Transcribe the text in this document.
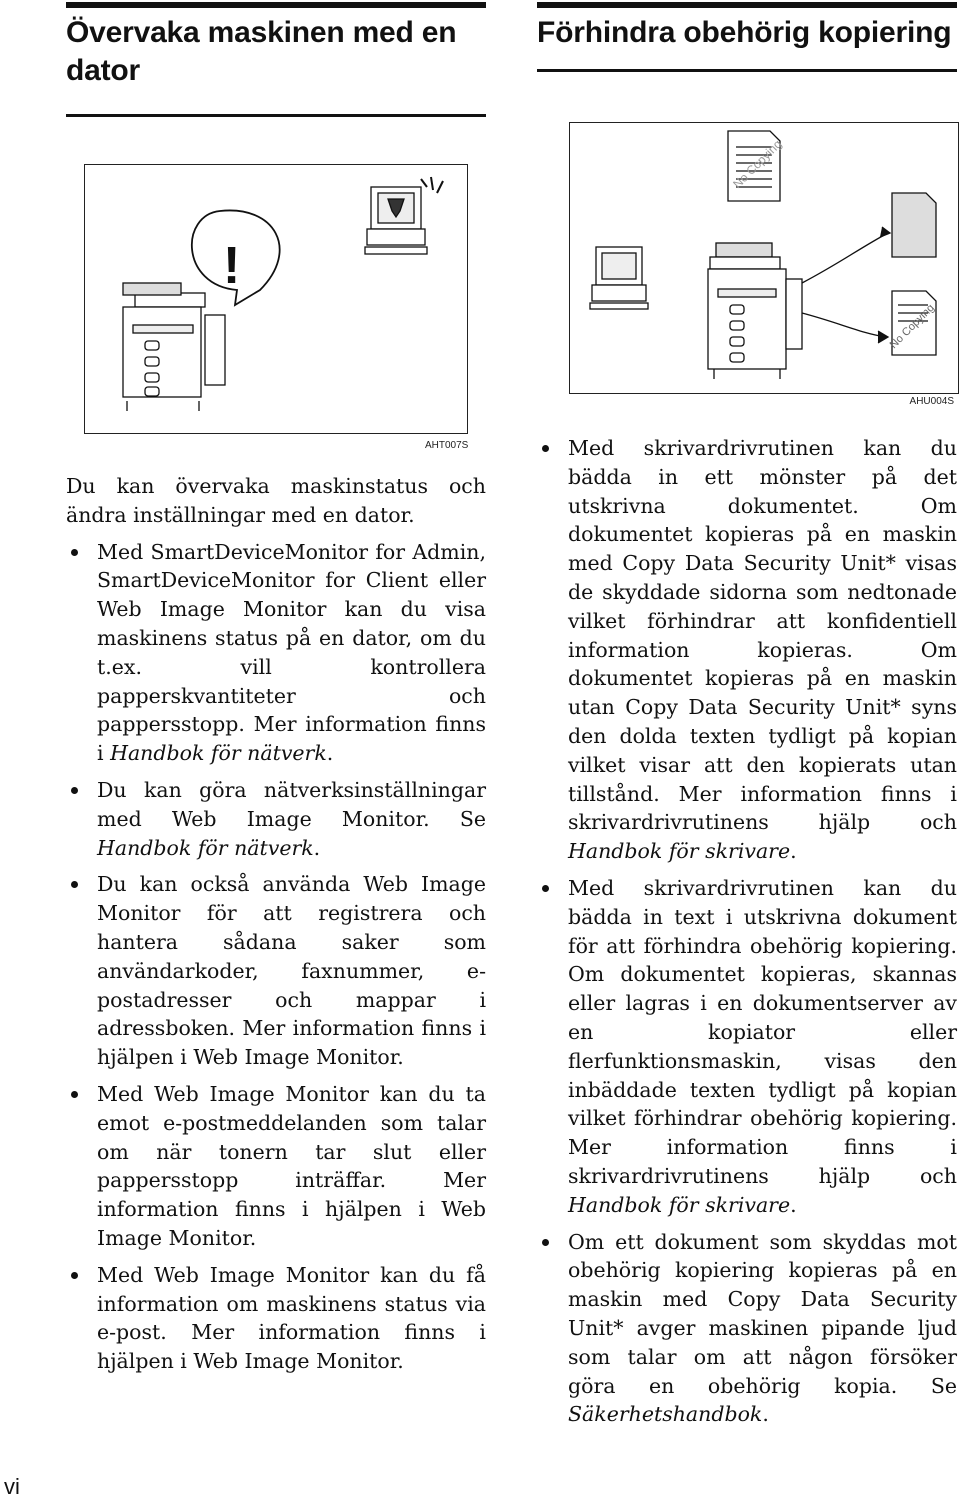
Övervaka maskinen med en dator
!
AHT007S

Du kan övervaka maskinstatus och ändra inställningar med en dator.

Med SmartDeviceMonitor for Admin, SmartDeviceMonitor for Client eller Web Image Monitor kan du visa maskinens status på en dator, om du t.ex. vill kontrollera papperskvantiteter och pappersstopp. Mer information finns i Handbok för nätverk.
Du kan göra nätverksinställningar med Web Image Monitor. Se Handbok för nätverk.
Du kan också använda Web Image Monitor för att registrera och hantera sådana saker som användarkoder, faxnummer, e-postadresser och mappar i adressboken. Mer information finns i hjälpen i Web Image Monitor.
Med Web Image Monitor kan du ta emot e-postmeddelanden som talar om när tonern tar slut eller pappersstopp inträffar. Mer information finns i hjälpen i Web Image Monitor.
Med Web Image Monitor kan du få information om maskinens status via e-post. Mer information finns i hjälpen i Web Image Monitor.
Förhindra obehörig kopiering
No Copying
No Copying
AHU004S
Med skrivardrivrutinen kan du bädda in ett mönster på det utskrivna dokumentet. Om dokumentet kopieras på en maskin med Copy Data Security Unit* visas de skyddade sidorna som nedtonade vilket förhindrar att konfidentiell information kopieras. Om dokumentet kopieras på en maskin utan Copy Data Security Unit* syns den dolda texten tydligt på kopian vilket visar att den kopierats utan tillstånd. Mer information finns i skrivardrivrutinens hjälp och Handbok för skrivare.
Med skrivardrivrutinen kan du bädda in text i utskrivna dokument för att förhindra obehörig kopiering. Om dokumentet kopieras, skannas eller lagras i en dokumentserver av en kopiator eller flerfunktionsmaskin, visas den inbäddade texten tydligt på kopian vilket förhindrar obehörig kopiering. Mer information finns i skrivardrivrutinens hjälp och Handbok för skrivare.
Om ett dokument som skyddas mot obehörig kopiering kopieras på en maskin med Copy Data Security Unit* avger maskinen pipande ljud som talar om att någon försöker göra en obehörig kopia. Se Säkerhetshandbok.
vi
